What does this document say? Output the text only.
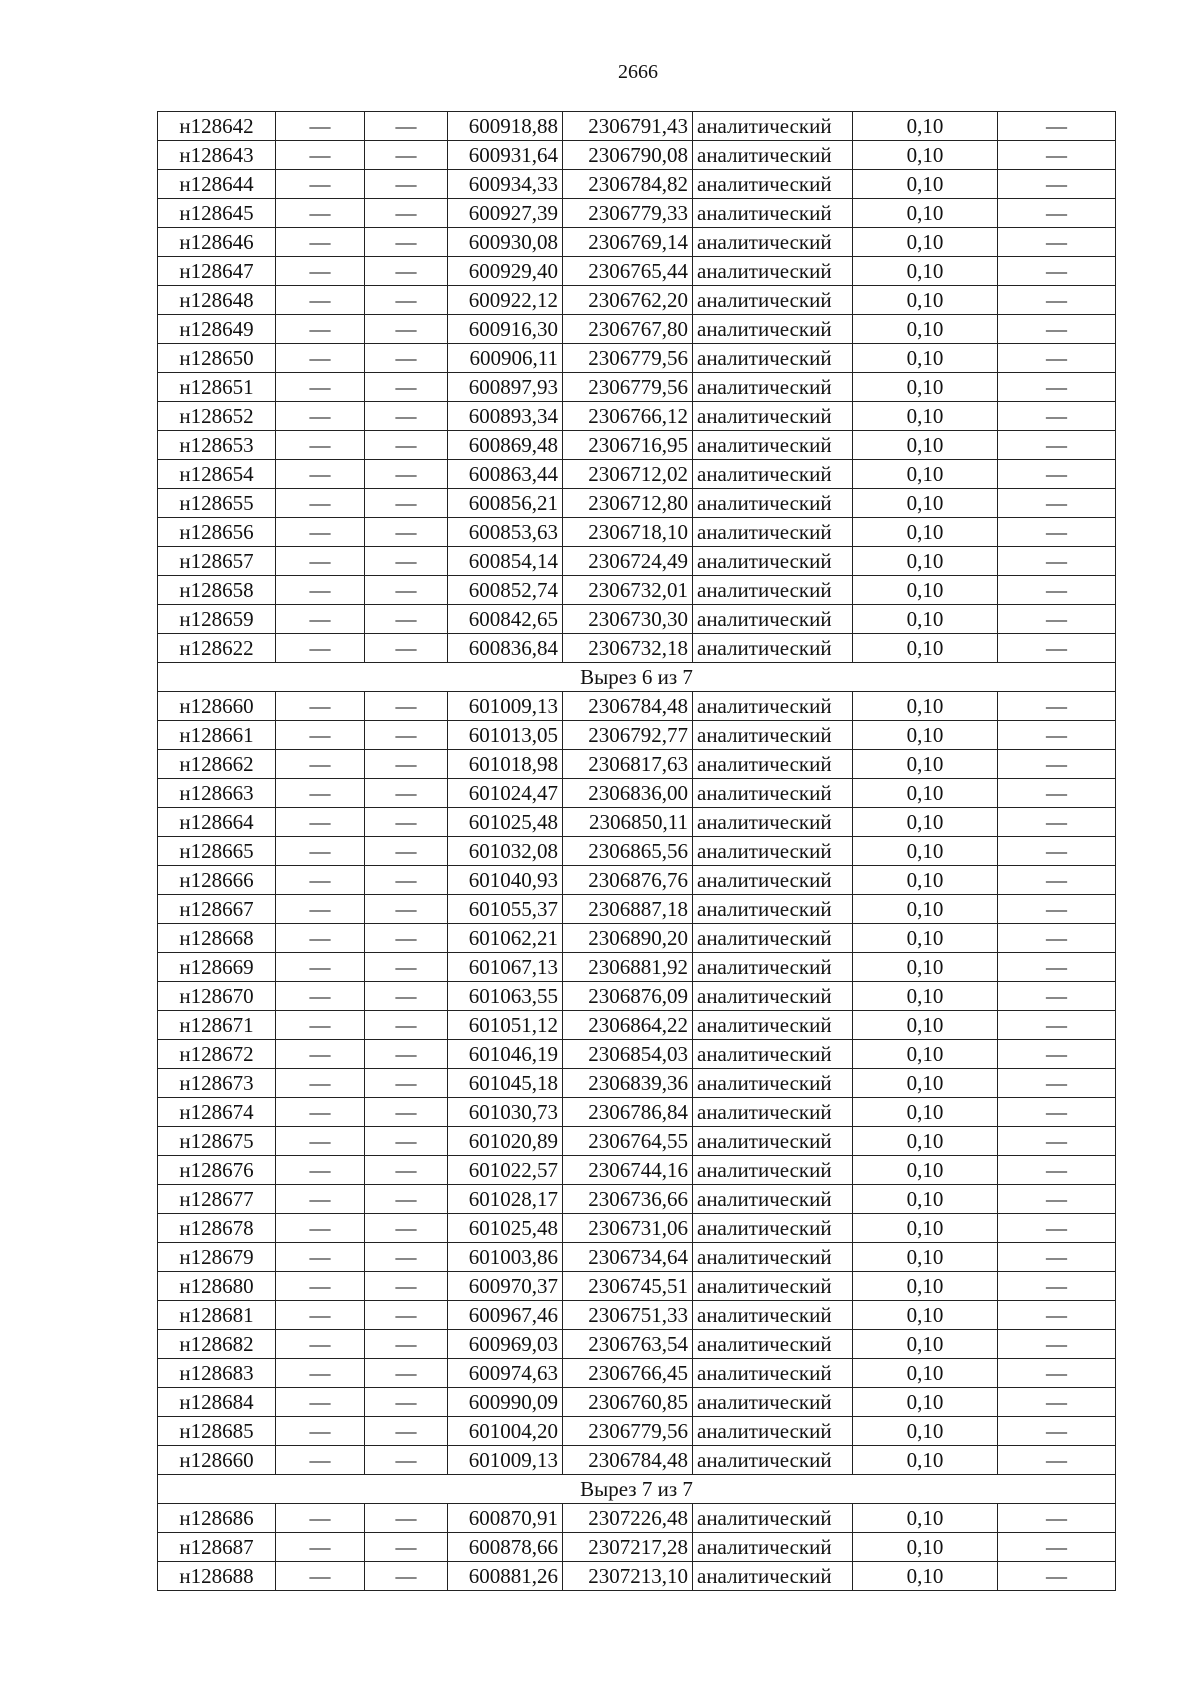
2666
н128642	—	—	600918,88	2306791,43	аналитический	0,10	—
н128643	—	—	600931,64	2306790,08	аналитический	0,10	—
н128644	—	—	600934,33	2306784,82	аналитический	0,10	—
н128645	—	—	600927,39	2306779,33	аналитический	0,10	—
н128646	—	—	600930,08	2306769,14	аналитический	0,10	—
н128647	—	—	600929,40	2306765,44	аналитический	0,10	—
н128648	—	—	600922,12	2306762,20	аналитический	0,10	—
н128649	—	—	600916,30	2306767,80	аналитический	0,10	—
н128650	—	—	600906,11	2306779,56	аналитический	0,10	—
н128651	—	—	600897,93	2306779,56	аналитический	0,10	—
н128652	—	—	600893,34	2306766,12	аналитический	0,10	—
н128653	—	—	600869,48	2306716,95	аналитический	0,10	—
н128654	—	—	600863,44	2306712,02	аналитический	0,10	—
н128655	—	—	600856,21	2306712,80	аналитический	0,10	—
н128656	—	—	600853,63	2306718,10	аналитический	0,10	—
н128657	—	—	600854,14	2306724,49	аналитический	0,10	—
н128658	—	—	600852,74	2306732,01	аналитический	0,10	—
н128659	—	—	600842,65	2306730,30	аналитический	0,10	—
н128622	—	—	600836,84	2306732,18	аналитический	0,10	—
Вырез 6 из 7							
н128660	—	—	601009,13	2306784,48	аналитический	0,10	—
н128661	—	—	601013,05	2306792,77	аналитический	0,10	—
н128662	—	—	601018,98	2306817,63	аналитический	0,10	—
н128663	—	—	601024,47	2306836,00	аналитический	0,10	—
н128664	—	—	601025,48	2306850,11	аналитический	0,10	—
н128665	—	—	601032,08	2306865,56	аналитический	0,10	—
н128666	—	—	601040,93	2306876,76	аналитический	0,10	—
н128667	—	—	601055,37	2306887,18	аналитический	0,10	—
н128668	—	—	601062,21	2306890,20	аналитический	0,10	—
н128669	—	—	601067,13	2306881,92	аналитический	0,10	—
н128670	—	—	601063,55	2306876,09	аналитический	0,10	—
н128671	—	—	601051,12	2306864,22	аналитический	0,10	—
н128672	—	—	601046,19	2306854,03	аналитический	0,10	—
н128673	—	—	601045,18	2306839,36	аналитический	0,10	—
н128674	—	—	601030,73	2306786,84	аналитический	0,10	—
н128675	—	—	601020,89	2306764,55	аналитический	0,10	—
н128676	—	—	601022,57	2306744,16	аналитический	0,10	—
н128677	—	—	601028,17	2306736,66	аналитический	0,10	—
н128678	—	—	601025,48	2306731,06	аналитический	0,10	—
н128679	—	—	601003,86	2306734,64	аналитический	0,10	—
н128680	—	—	600970,37	2306745,51	аналитический	0,10	—
н128681	—	—	600967,46	2306751,33	аналитический	0,10	—
н128682	—	—	600969,03	2306763,54	аналитический	0,10	—
н128683	—	—	600974,63	2306766,45	аналитический	0,10	—
н128684	—	—	600990,09	2306760,85	аналитический	0,10	—
н128685	—	—	601004,20	2306779,56	аналитический	0,10	—
н128660	—	—	601009,13	2306784,48	аналитический	0,10	—
Вырез 7 из 7							
н128686	—	—	600870,91	2307226,48	аналитический	0,10	—
н128687	—	—	600878,66	2307217,28	аналитический	0,10	—
н128688	—	—	600881,26	2307213,10	аналитический	0,10	—
